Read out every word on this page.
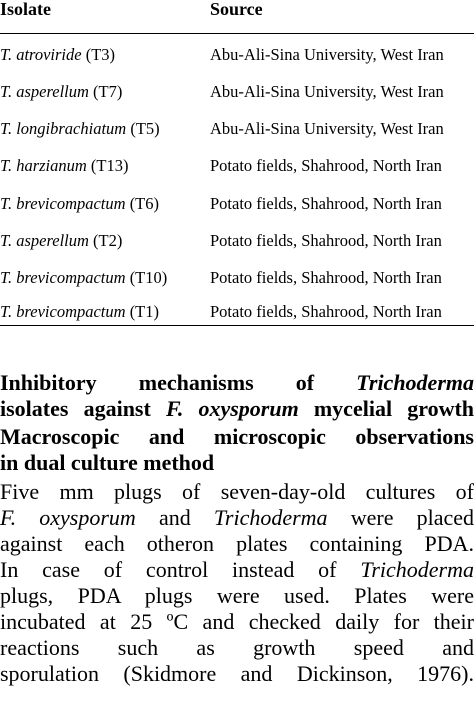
Isolate	Source
T. atroviride (T3)	Abu-Ali-Sina University, West Iran
T. asperellum (T7)	Abu-Ali-Sina University, West Iran
T. longibrachiatum (T5)	Abu-Ali-Sina University, West Iran
T. harzianum (T13)	Potato fields, Shahrood, North Iran
T. brevicompactum (T6)	Potato fields, Shahrood, North Iran
T. asperellum (T2)	Potato fields, Shahrood, North Iran
T. brevicompactum (T10)	Potato fields, Shahrood, North Iran
T. brevicompactum (T1)	Potato fields, Shahrood, North Iran
Inhibitory mechanisms of Trichoderma
isolates against F. oxysporum mycelial growth
Macroscopic and microscopic observations
in dual culture method
Five mm plugs of seven-day-old cultures of
F. oxysporum and Trichoderma were placed
against each otheron plates containing PDA.
In case of control instead of Trichoderma
plugs, PDA plugs were used. Plates were
incubated at 25 ºC and checked daily for their
reactions such as growth speed and
sporulation (Skidmore and Dickinson, 1976).
